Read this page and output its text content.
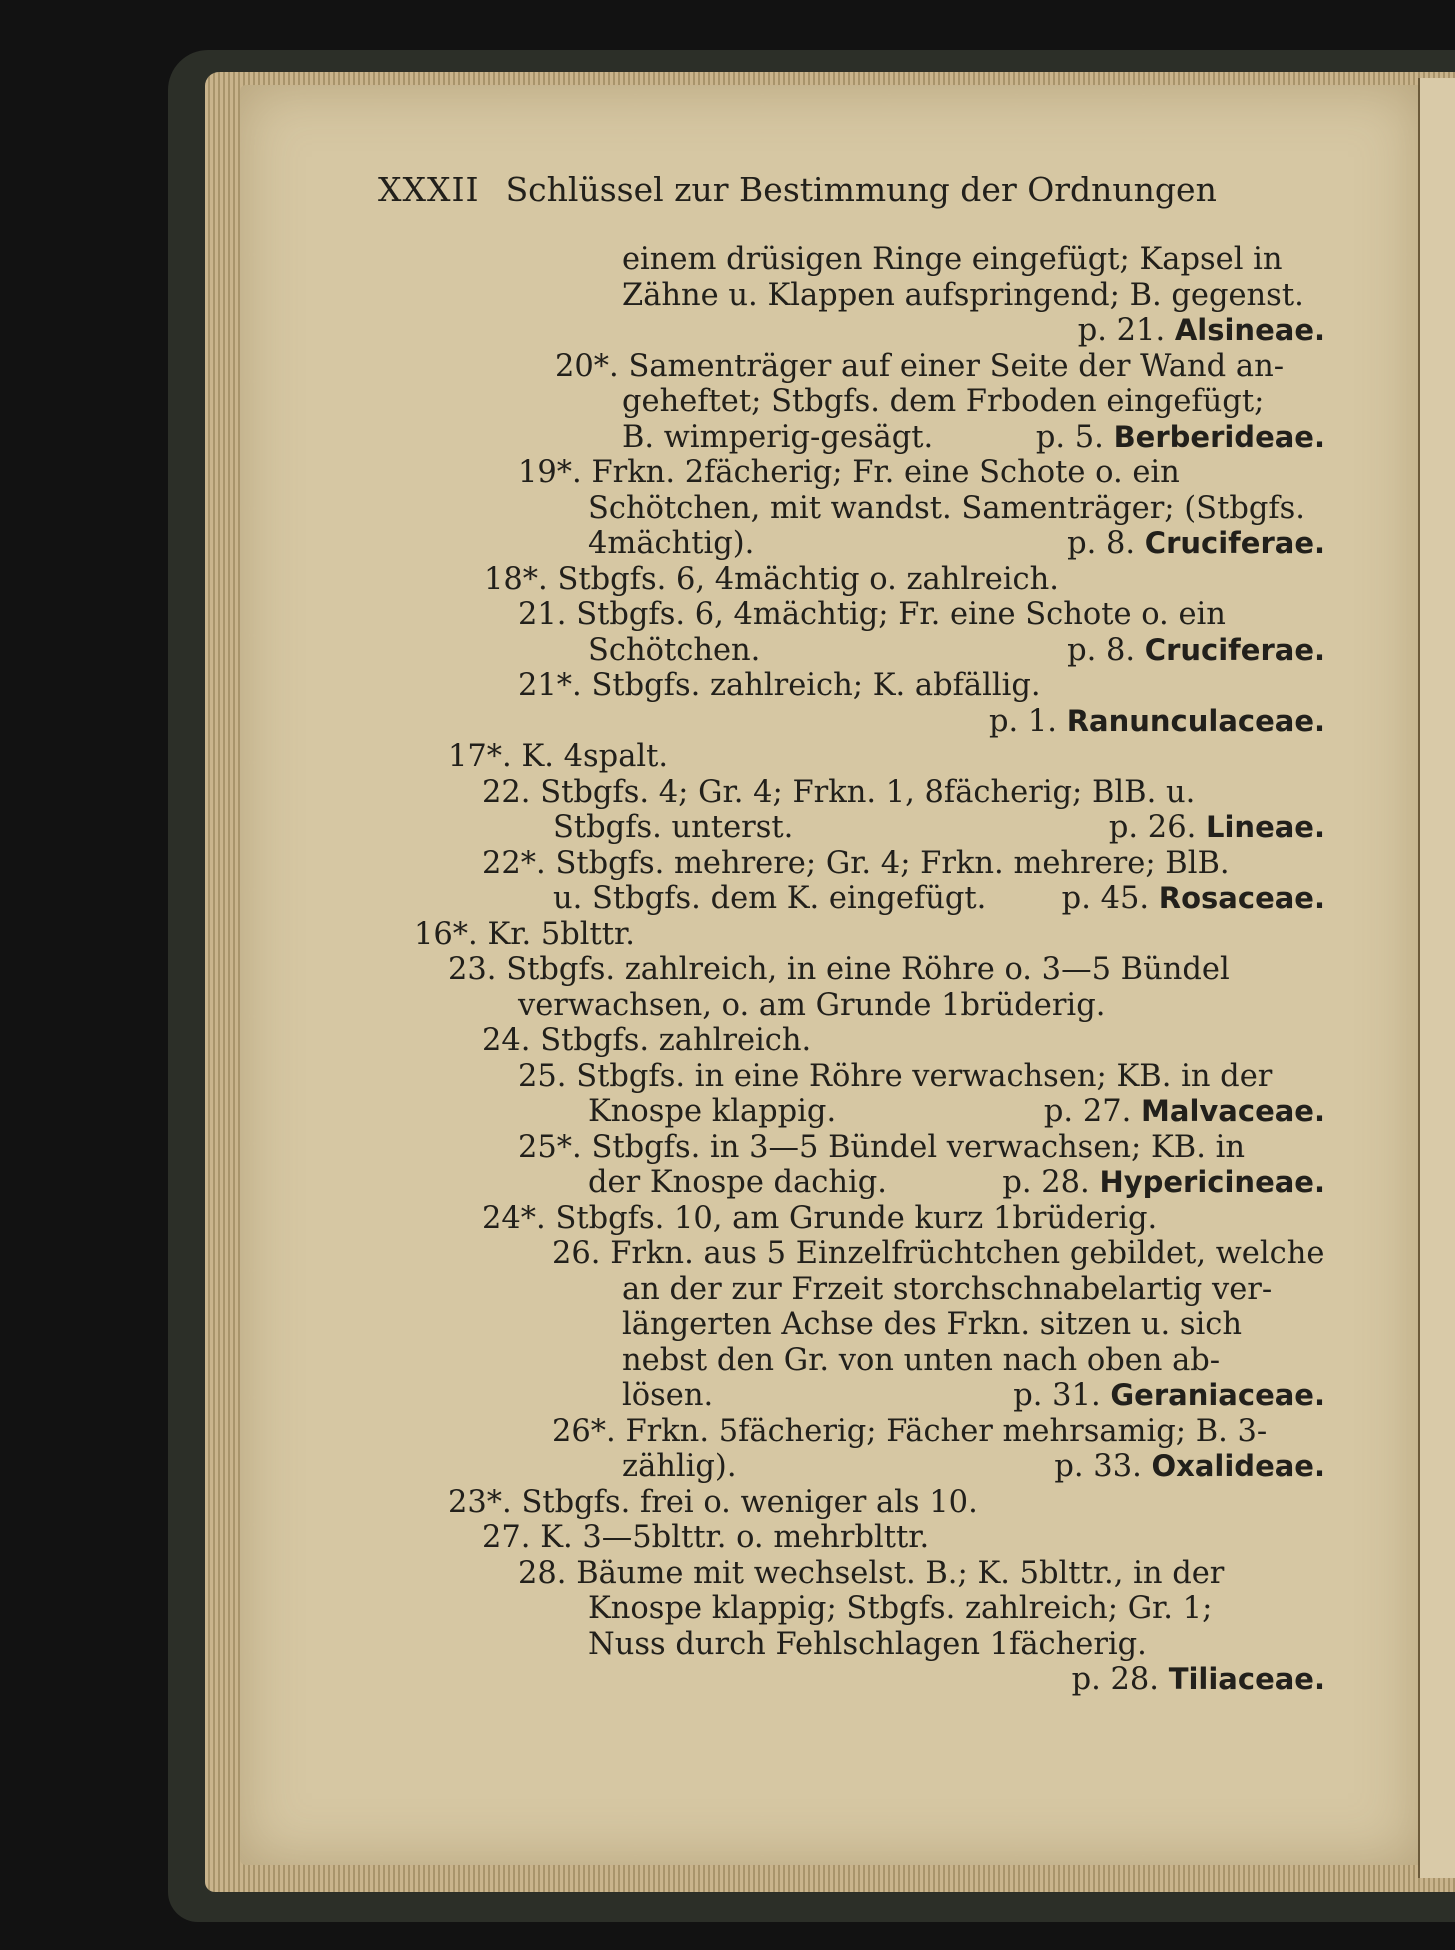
XXXII Schlüssel zur Bestimmung der Ordnungen
einem drüsigen Ringe eingefügt; Kapsel in
Zähne u. Klappen aufspringend; B. gegenst.
p. 21. Alsineae.
20*. Samenträger auf einer Seite der Wand an-
geheftet; Stbgfs. dem Frboden eingefügt;
B. wimperig-gesägt.	p. 5. Berberideae.
19*. Frkn. 2fächerig; Fr. eine Schote o. ein
Schötchen, mit wandst. Samenträger; (Stbgfs.
4mächtig).	p. 8. Cruciferae.
18*. Stbgfs. 6, 4mächtig o. zahlreich.
21. Stbgfs. 6, 4mächtig; Fr. eine Schote o. ein
Schötchen.	p. 8. Cruciferae.
21*. Stbgfs. zahlreich; K. abfällig.
p. 1. Ranunculaceae.
17*. K. 4spalt.
22. Stbgfs. 4; Gr. 4; Frkn. 1, 8fächerig; BlB. u.
Stbgfs. unterst.	p. 26. Lineae.
22*. Stbgfs. mehrere; Gr. 4; Frkn. mehrere; BlB.
u. Stbgfs. dem K. eingefügt. p. 45. Rosaceae.
16*. Kr. 5blttr.
23. Stbgfs. zahlreich, in eine Röhre o. 3—5 Bündel
verwachsen, o. am Grunde 1brüderig.
24. Stbgfs. zahlreich.
25. Stbgfs. in eine Röhre verwachsen; KB. in der
Knospe klappig.	p. 27. Malvaceae.
25*. Stbgfs. in 3—5 Bündel verwachsen; KB. in
der Knospe dachig.	p. 28. Hypericineae.
24*. Stbgfs. 10, am Grunde kurz 1brüderig.
26. Frkn. aus 5 Einzelfrüchtchen gebildet, welche
an der zur Frzeit storchschnabelartig ver-
längerten Achse des Frkn. sitzen u. sich
nebst den Gr. von unten nach oben ab-
lösen.	p. 31. Geraniaceae.
26*. Frkn. 5fächerig; Fächer mehrsamig; B. 3-
zählig).	p. 33. Oxalideae.
23*. Stbgfs. frei o. weniger als 10.
27. K. 3—5blttr. o. mehrblttr.
28. Bäume mit wechselst. B.; K. 5blttr., in der
Knospe klappig; Stbgfs. zahlreich; Gr. 1;
Nuss durch Fehlschlagen 1fächerig.
p. 28. Tiliaceae.
